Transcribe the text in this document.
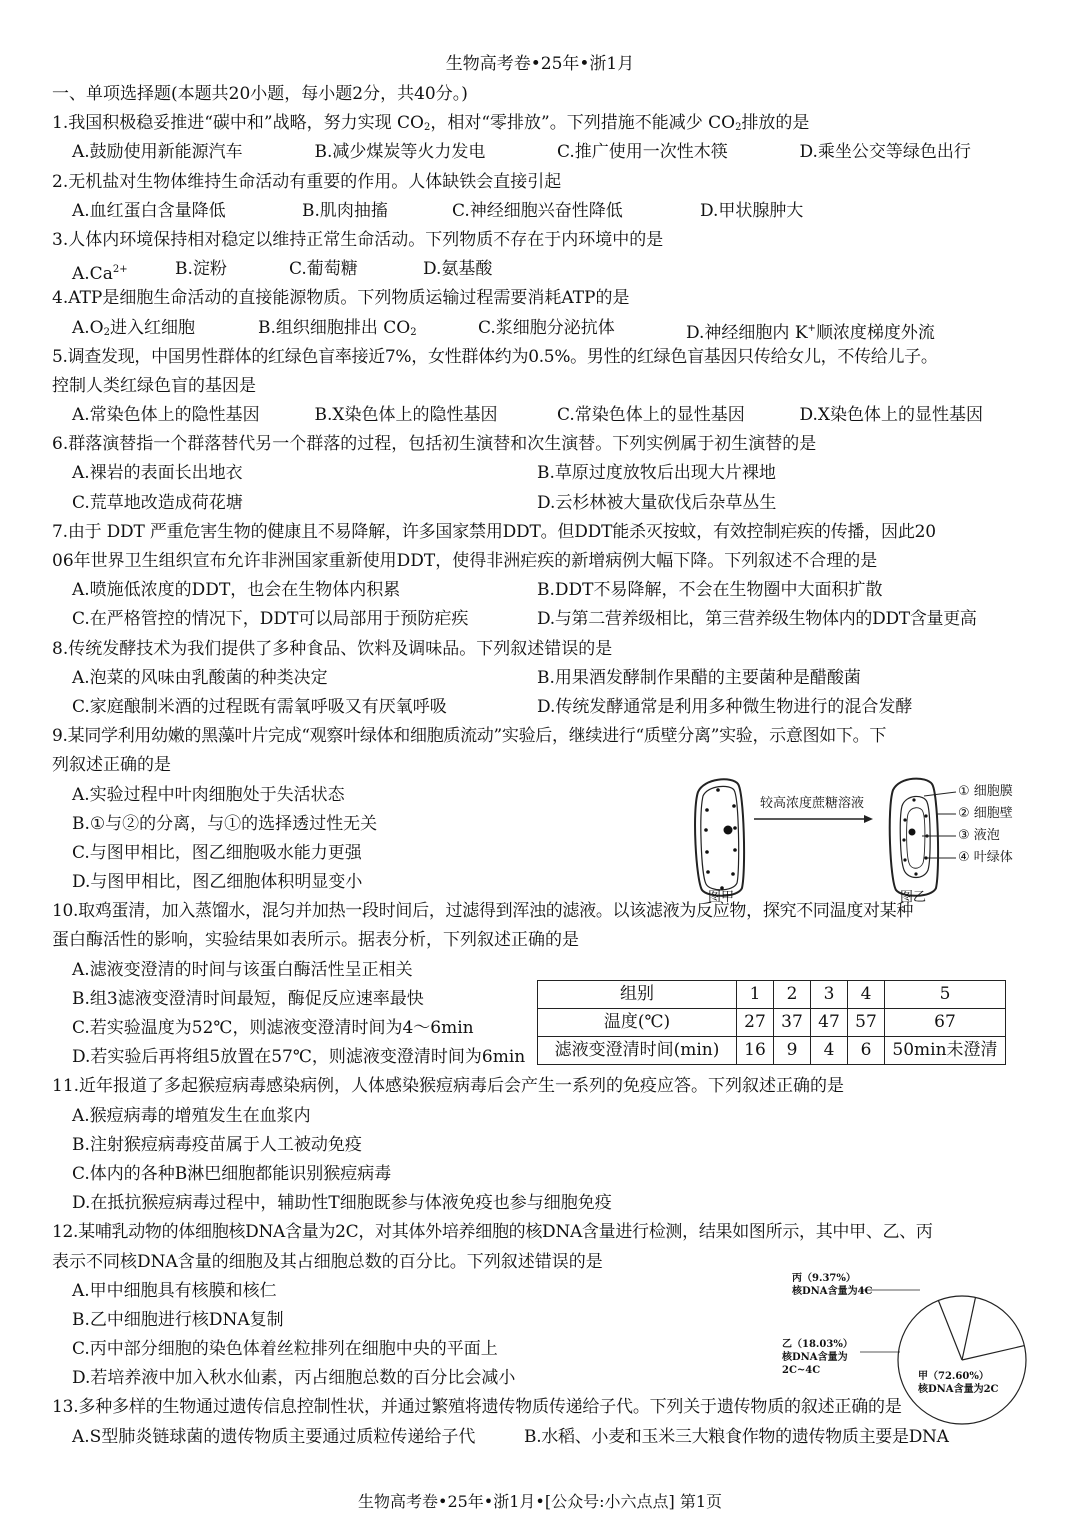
生物高考卷•25年•浙1月
一、单项选择题(本题共20小题，每小题2分，共40分。)
1.我国积极稳妥推进“碳中和”战略，努力实现 $CO_2$，相对“零排放”。下列措施不能减少 $CO_2$排放的是
A.鼓励使用新能源汽车	B.减少煤炭等火力发电	C.推广使用一次性木筷	D.乘坐公交等绿色出行
2.无机盐对生物体维持生命活动有重要的作用。人体缺铁会直接引起
A.血红蛋白含量降低	B.肌肉抽搐	C.神经细胞兴奋性降低	D.甲状腺肿大
3.人体内环境保持相对稳定以维持正常生命活动。下列物质不存在于内环境中的是
A.Ca2+	B.淀粉	C.葡萄糖	D.氨基酸
4.ATP是细胞生命活动的直接能源物质。下列物质运输过程需要消耗ATP的是
A.O2进入红细胞	B.组织细胞排出 CO2	C.浆细胞分泌抗体	D.神经细胞内 K+顺浓度梯度外流
5.调查发现，中国男性群体的红绿色盲率接近7%，女性群体约为0.5%。男性的红绿色盲基因只传给女儿，不传给儿子。
控制人类红绿色盲的基因是
A.常染色体上的隐性基因	B.X染色体上的隐性基因	C.常染色体上的显性基因	D.X染色体上的显性基因
6.群落演替指一个群落替代另一个群落的过程，包括初生演替和次生演替。下列实例属于初生演替的是
A.裸岩的表面长出地衣	B.草原过度放牧后出现大片裸地
C.荒草地改造成荷花塘	D.云杉林被大量砍伐后杂草丛生
7.由于 DDT 严重危害生物的健康且不易降解，许多国家禁用DDT。但DDT能杀灭按蚊，有效控制疟疾的传播，因此20
06年世界卫生组织宣布允许非洲国家重新使用DDT，使得非洲疟疾的新增病例大幅下降。下列叙述不合理的是
A.喷施低浓度的DDT，也会在生物体内积累	B.DDT不易降解，不会在生物圈中大面积扩散
C.在严格管控的情况下，DDT可以局部用于预防疟疾	D.与第二营养级相比，第三营养级生物体内的DDT含量更高
8.传统发酵技术为我们提供了多种食品、饮料及调味品。下列叙述错误的是
A.泡菜的风味由乳酸菌的种类决定	B.用果酒发酵制作果醋的主要菌种是醋酸菌
C.家庭酿制米酒的过程既有需氧呼吸又有厌氧呼吸	D.传统发酵通常是利用多种微生物进行的混合发酵
9.某同学利用幼嫩的黑藻叶片完成“观察叶绿体和细胞质流动”实验后，继续进行“质壁分离”实验，示意图如下。下
列叙述正确的是
A.实验过程中叶肉细胞处于失活状态
B.①与②的分离，与①的选择透过性无关
C.与图甲相比，图乙细胞吸水能力更强
D.与图甲相比，图乙细胞体积明显变小
10.取鸡蛋清，加入蒸馏水，混匀并加热一段时间后，过滤得到浑浊的滤液。以该滤液为反应物，探究不同温度对某种
蛋白酶活性的影响，实验结果如表所示。据表分析，下列叙述正确的是
A.滤液变澄清的时间与该蛋白酶活性呈正相关
B.组3滤液变澄清时间最短，酶促反应速率最快
C.若实验温度为52℃，则滤液变澄清时间为4～6min
D.若实验后再将组5放置在57℃，则滤液变澄清时间为6min
11.近年报道了多起猴痘病毒感染病例，人体感染猴痘病毒后会产生一系列的免疫应答。下列叙述正确的是
A.猴痘病毒的增殖发生在血浆内
B.注射猴痘病毒疫苗属于人工被动免疫
C.体内的各种B淋巴细胞都能识别猴痘病毒
D.在抵抗猴痘病毒过程中，辅助性T细胞既参与体液免疫也参与细胞免疫
12.某哺乳动物的体细胞核DNA含量为2C，对其体外培养细胞的核DNA含量进行检测，结果如图所示，其中甲、乙、丙
表示不同核DNA含量的细胞及其占细胞总数的百分比。下列叙述错误的是
A.甲中细胞具有核膜和核仁
B.乙中细胞进行核DNA复制
C.丙中部分细胞的染色体着丝粒排列在细胞中央的平面上
D.若培养液中加入秋水仙素，丙占细胞总数的百分比会减小
13.多种多样的生物通过遗传信息控制性状，并通过繁殖将遗传物质传递给子代。下列关于遗传物质的叙述正确的是
A.S型肺炎链球菌的遗传物质主要通过质粒传递给子代	B.水稻、小麦和玉米三大粮食作物的遗传物质主要是DNA
较高浓度蔗糖溶液
① 细胞膜
② 细胞壁
③ 液泡
④ 叶绿体
图甲	图乙
组别	1	2	3	4	5
温度(℃)	27	37	47	57	67
滤液变澄清时间(min)	16	9	4	6	50min未澄清
丙（9.37%）
核DNA含量为4C
乙（18.03%）
核DNA含量为
2C~4C
甲（72.60%）
核DNA含量为2C
生物高考卷•25年•浙1月•[公众号:小六点点] 第1页
